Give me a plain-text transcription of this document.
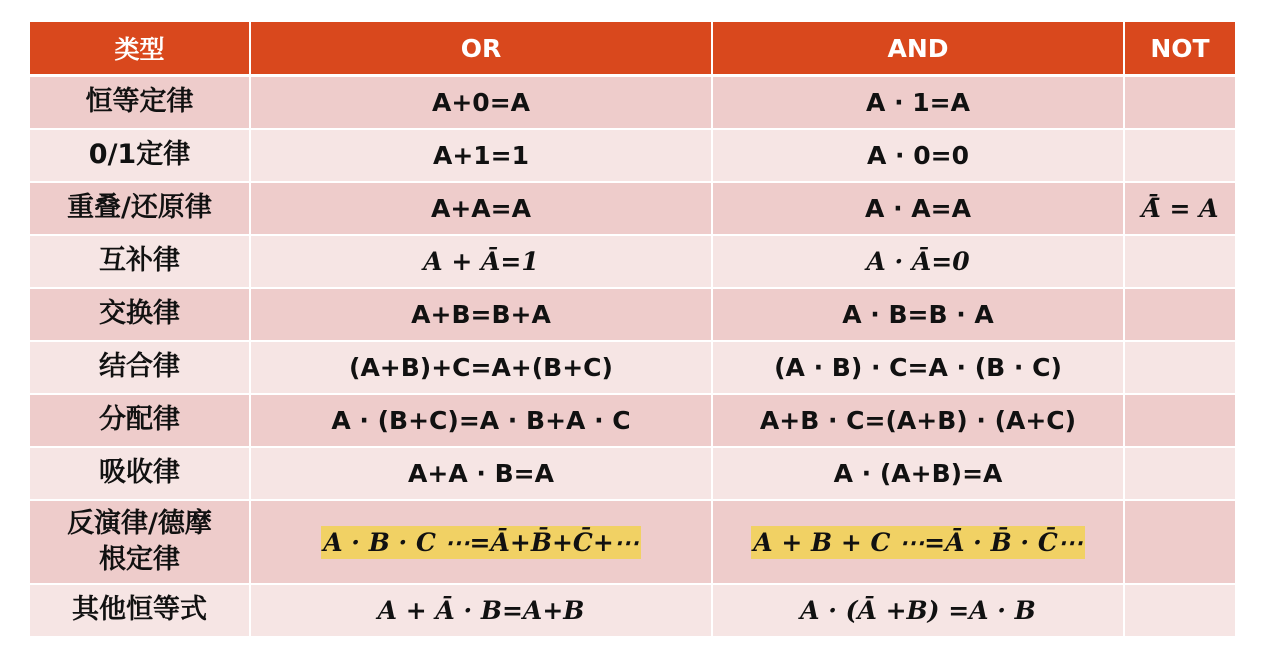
类型	OR	AND	NOT
恒等定律	A+0=A	A · 1=A	
0/1定律	A+1=1	A · 0=0	
重叠/还原律	A+A=A	A · A=A	Ā̄ = A
互补律	A + Ā=1	A · Ā=0	
交换律	A+B=B+A	A · B=B · A	
结合律	(A+B)+C=A+(B+C)	(A · B) · C=A · (B · C)	
分配律	A · (B+C)=A · B+A · C	A+B · C=(A+B) · (A+C)	
吸收律	A+A · B=A	A · (A+B)=A	
反演律/德摩根定律	A · B · C ⋯=Ā+B̄+C̄+⋯	A + B + C ⋯=Ā · B̄ · C̄⋯	
其他恒等式	A + Ā · B=A+B	A · (Ā +B) =A · B	
